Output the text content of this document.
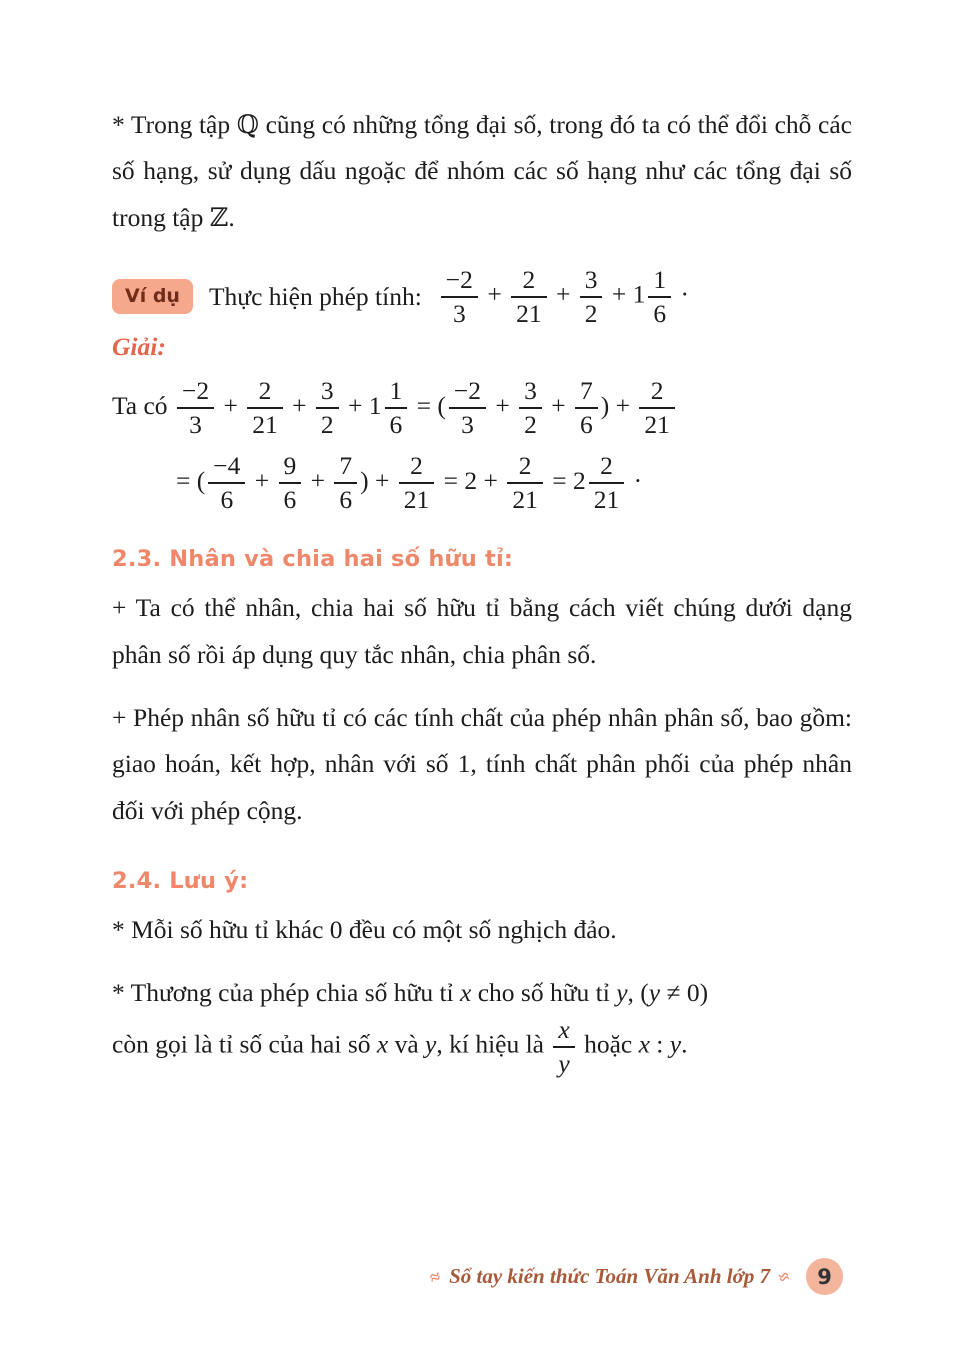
* Trong tập ℚ cũng có những tổng đại số, trong đó ta có thể đổi chỗ các số hạng, sử dụng dấu ngoặc để nhóm các số hạng như các tổng đại số trong tập ℤ.

Ví dụ	Thực hiện phép tính: $\frac{-2}{3} + \frac{2}{21} + \frac{3}{2} + 1 \frac{1}{6}$ ·

Giải:

Ta có $\frac{-2}{3} + \frac{2}{21} + \frac{3}{2} + 1 \frac{1}{6}$ = ( $\frac{-2}{3} + \frac{3}{2} + \frac{7}{6}$ ) + $\frac{2}{21}$
= ( $\frac{-4}{6} + \frac{9}{6} + \frac{7}{6}$ ) + $\frac{2}{21} = 2 + \frac{2}{21} = 2 \frac{2}{21}$ ·
2.3. Nhân và chia hai số hữu tỉ:

+ Ta có thể nhân, chia hai số hữu tỉ bằng cách viết chúng dưới dạng phân số rồi áp dụng quy tắc nhân, chia phân số.

+ Phép nhân số hữu tỉ có các tính chất của phép nhân phân số, bao gồm: giao hoán, kết hợp, nhân với số 1, tính chất phân phối của phép nhân đối với phép cộng.

2.4. Lưu ý:

* Mỗi số hữu tỉ khác 0 đều có một số nghịch đảo.

* Thương của phép chia số hữu tỉ x cho số hữu tỉ y, (y ≠ 0)
còn gọi là tỉ số của hai số x và y, kí hiệu là $\frac{x}{y}$ hoặc x : y.

≈ Sổ tay kiến thức Toán Văn Anh lớp 7 ≈	9
